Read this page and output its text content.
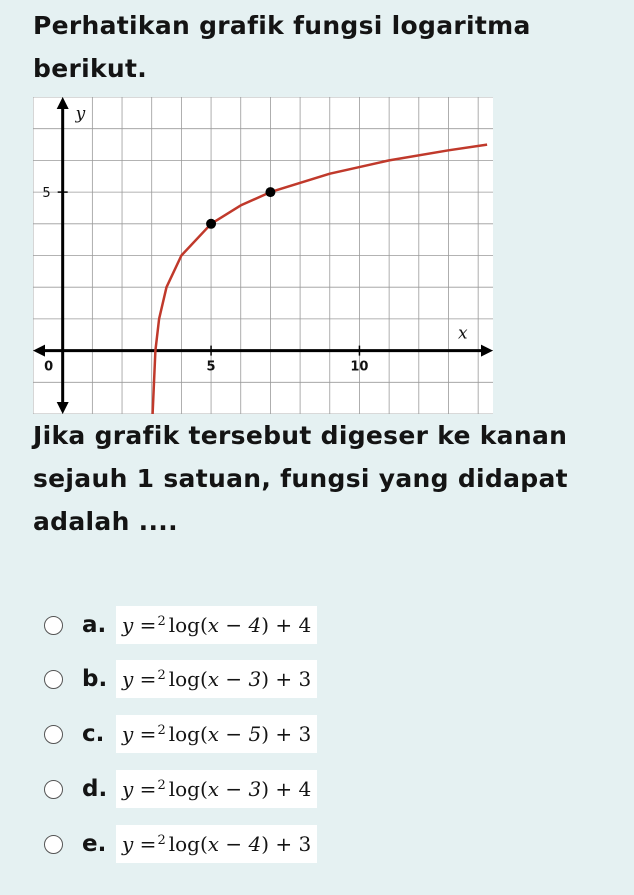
Perhatikan grafik fungsi logaritma berikut.

0	5	10
5
y
x

Jika grafik tersebut digeser ke kanan sejauh 1 satuan, fungsi yang didapat adalah ....

a. y =$^2$ log( x − 4 ) + 4
b. y =$^2$ log( x − 3 ) + 3
c. y =$^2$ log( x − 5 ) + 3
d. y =$^2$ log( x − 3 ) + 4
e. y =$^2$ log( x − 4 ) + 3
